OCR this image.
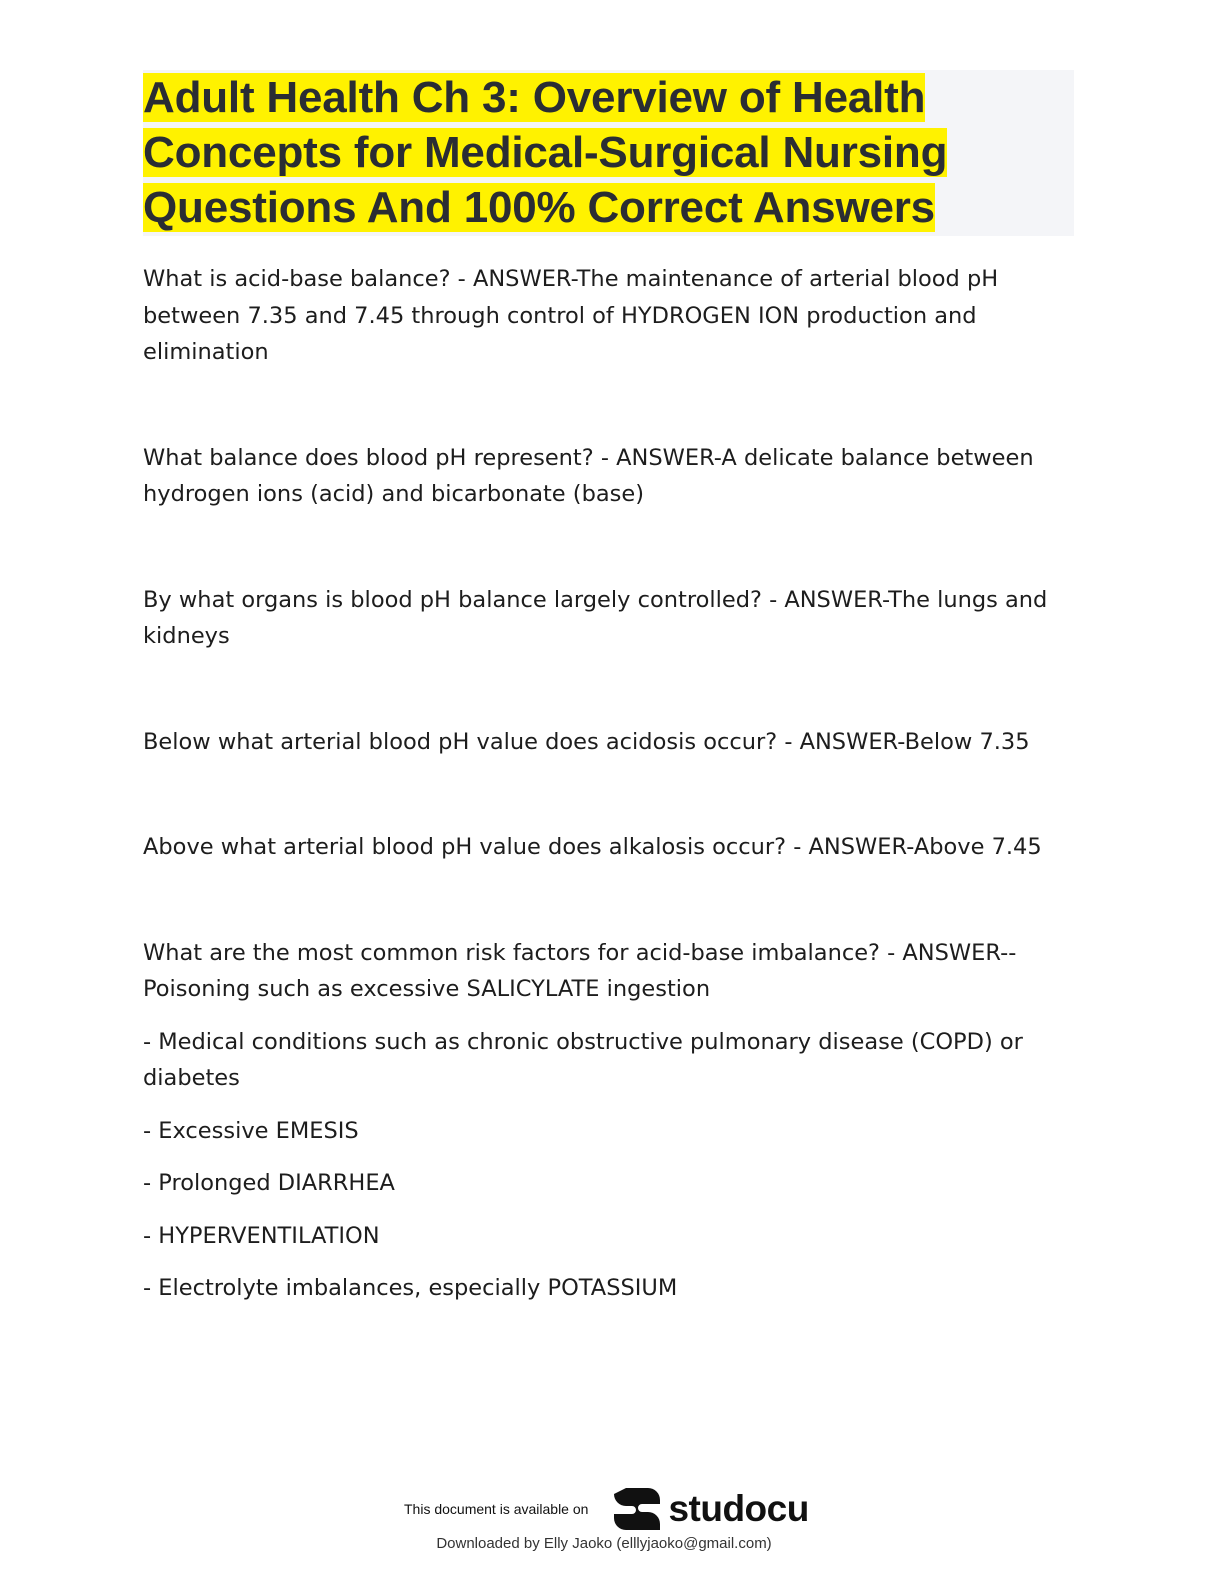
Adult Health Ch 3: Overview of Health Concepts for Medical-Surgical Nursing Questions And 100% Correct Answers

What is acid-base balance? - ANSWER-The maintenance of arterial blood pH between 7.35 and 7.45 through control of HYDROGEN ION production and elimination

What balance does blood pH represent? - ANSWER-A delicate balance between hydrogen ions (acid) and bicarbonate (base)

By what organs is blood pH balance largely controlled? - ANSWER-The lungs and kidneys

Below what arterial blood pH value does acidosis occur? - ANSWER-Below 7.35

Above what arterial blood pH value does alkalosis occur? - ANSWER-Above 7.45

What are the most common risk factors for acid-base imbalance? - ANSWER-- Poisoning such as excessive SALICYLATE ingestion

- Medical conditions such as chronic obstructive pulmonary disease (COPD) or diabetes

- Excessive EMESIS

- Prolonged DIARRHEA

- HYPERVENTILATION

- Electrolyte imbalances, especially POTASSIUM

This document is available on studocu
Downloaded by Elly Jaoko (elllyjaoko@gmail.com)
